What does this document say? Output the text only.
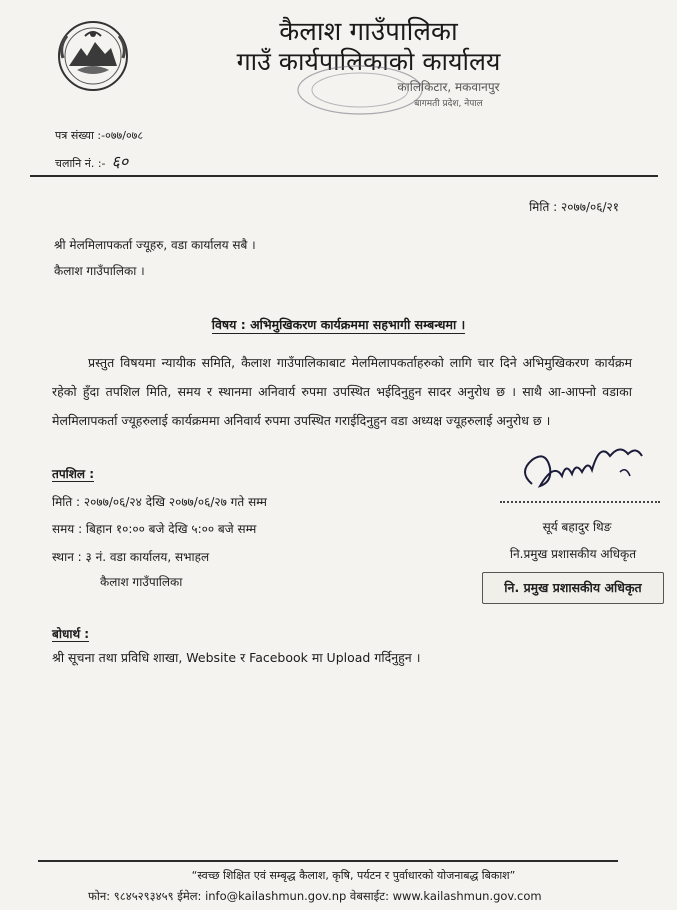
कैलाश गाउँपालिका
गाउँ कार्यपालिकाको कार्यालय
कालिकिटार, मकवानपुर
बागमती प्रदेश, नेपाल
पत्र संख्या :-०७७/०७८
चलानि नं. :- ६०
मिति : २०७७/०६/२१
श्री मेलमिलापकर्ता ज्यूहरु, वडा कार्यालय सबै ।
कैलाश गाउँपालिका ।
विषय : अभिमुखिकरण कार्यक्रममा सहभागी सम्बन्धमा ।
प्रस्तुत विषयमा न्यायीक समिति, कैलाश गाउँपालिकाबाट मेलमिलापकर्ताहरुको लागि चार दिने अभिमुखिकरण कार्यक्रम रहेको हुँदा तपशिल मिति, समय र स्थानमा अनिवार्य रुपमा उपस्थित भईदिनुहुन सादर अनुरोध छ । साथै आ-आफ्नो वडाका मेलमिलापकर्ता ज्यूहरुलाई कार्यक्रममा अनिवार्य रुपमा उपस्थित गराईदिनुहुन वडा अध्यक्ष ज्यूहरुलाई अनुरोध छ ।
तपशिल :
मिति : २०७७/०६/२४ देखि २०७७/०६/२७ गते सम्म
समय : बिहान १०:०० बजे देखि ५:०० बजे सम्म
स्थान : ३ नं. वडा कार्यालय, सभाहल
कैलाश गाउँपालिका
सूर्य बहादुर थिङ
नि.प्रमुख प्रशासकीय अधिकृत
नि. प्रमुख प्रशासकीय अधिकृत
बोधार्थ :
श्री सूचना तथा प्रविधि शाखा, Website र Facebook मा Upload गर्दिनुहुन ।
“स्वच्छ शिक्षित एवं सम्बृद्ध कैलाश, कृषि, पर्यटन र पुर्वाधारको योजनाबद्ध बिकाश”
फोन: ९८४५२९३४५९ ईमेल: info@kailashmun.gov.np वेबसाईट: www.kailashmun.gov.com
